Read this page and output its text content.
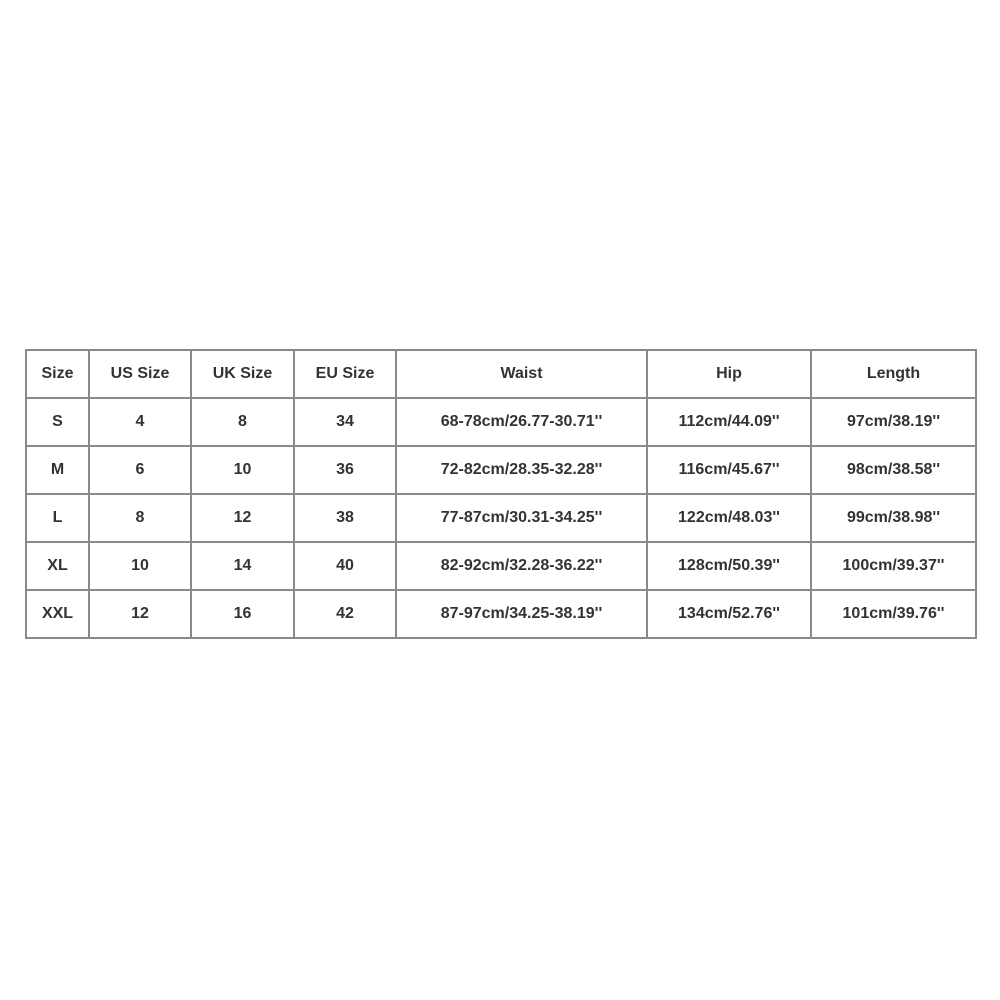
Size	US Size	UK Size	EU Size	Waist	Hip	Length
S	4	8	34	68-78cm/26.77-30.71''	112cm/44.09''	97cm/38.19''
M	6	10	36	72-82cm/28.35-32.28''	116cm/45.67''	98cm/38.58''
L	8	12	38	77-87cm/30.31-34.25''	122cm/48.03''	99cm/38.98''
XL	10	14	40	82-92cm/32.28-36.22''	128cm/50.39''	100cm/39.37''
XXL	12	16	42	87-97cm/34.25-38.19''	134cm/52.76''	101cm/39.76''
